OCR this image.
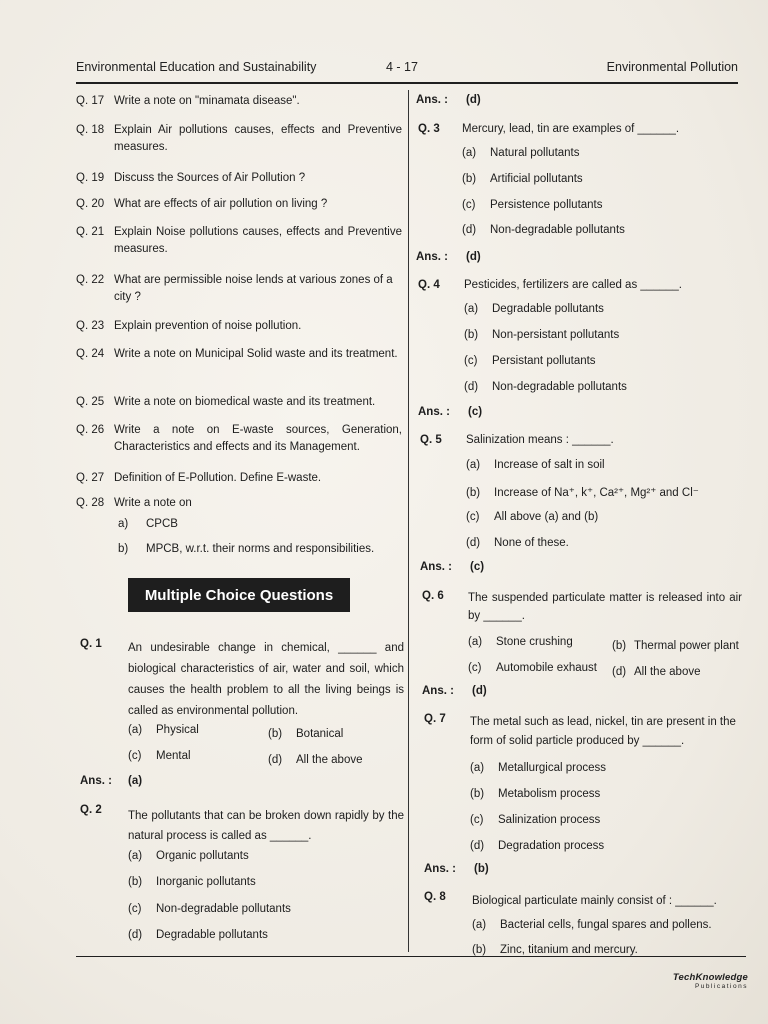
Environmental Education and Sustainability	4 - 17	Environmental Pollution
Q. 17 Write a note on "minamata disease".
Q. 18 Explain Air pollutions causes, effects and Preventive measures.
Q. 19 Discuss the Sources of Air Pollution ?
Q. 20 What are effects of air pollution on living ?
Q. 21 Explain Noise pollutions causes, effects and Preventive measures.
Q. 22 What are permissible noise lends at various zones of a city ?
Q. 23 Explain prevention of noise pollution.
Q. 24 Write a note on Municipal Solid waste and its treatment.
Q. 25 Write a note on biomedical waste and its treatment.
Q. 26 Write a note on E-waste sources, Generation, Characteristics and effects and its Management.
Q. 27 Definition of E-Pollution. Define E-waste.
Q. 28 Write a note on
a) CPCB
b) MPCB, w.r.t. their norms and responsibilities.
Multiple Choice Questions
Q. 1 An undesirable change in chemical, ______ and biological characteristics of air, water and soil, which causes the health problem to all the living beings is called as environmental pollution.
(a) Physical	(b) Botanical
(c) Mental	(d) All the above
Ans. : (a)
Q. 2 The pollutants that can be broken down rapidly by the natural process is called as ______.
(a) Organic pollutants
(b) Inorganic pollutants
(c) Non-degradable pollutants
(d) Degradable pollutants
Ans. : (d)
Q. 3 Mercury, lead, tin are examples of ______.
(a) Natural pollutants
(b) Artificial pollutants
(c) Persistence pollutants
(d) Non-degradable pollutants
Ans. : (d)
Q. 4 Pesticides, fertilizers are called as ______.
(a) Degradable pollutants
(b) Non-persistant pollutants
(c) Persistant pollutants
(d) Non-degradable pollutants
Ans. : (c)
Q. 5 Salinization means : ______.
(a) Increase of salt in soil
(b) Increase of Na⁺, k⁺, Ca²⁺, Mg²⁺ and Cl⁻
(c) All above (a) and (b)
(d) None of these.
Ans. : (c)
Q. 6 The suspended particulate matter is released into air by ______.
(a) Stone crushing	(b) Thermal power plant
(c) Automobile exhaust (d) All the above
Ans. : (d)
Q. 7 The metal such as lead, nickel, tin are present in the form of solid particle produced by ______.
(a) Metallurgical process
(b) Metabolism process
(c) Salinization process
(d) Degradation process
Ans. : (b)
Q. 8 Biological particulate mainly consist of : ______.
(a) Bacterial cells, fungal spares and pollens.
(b) Zinc, titanium and mercury.
TechKnowledge
Publications
